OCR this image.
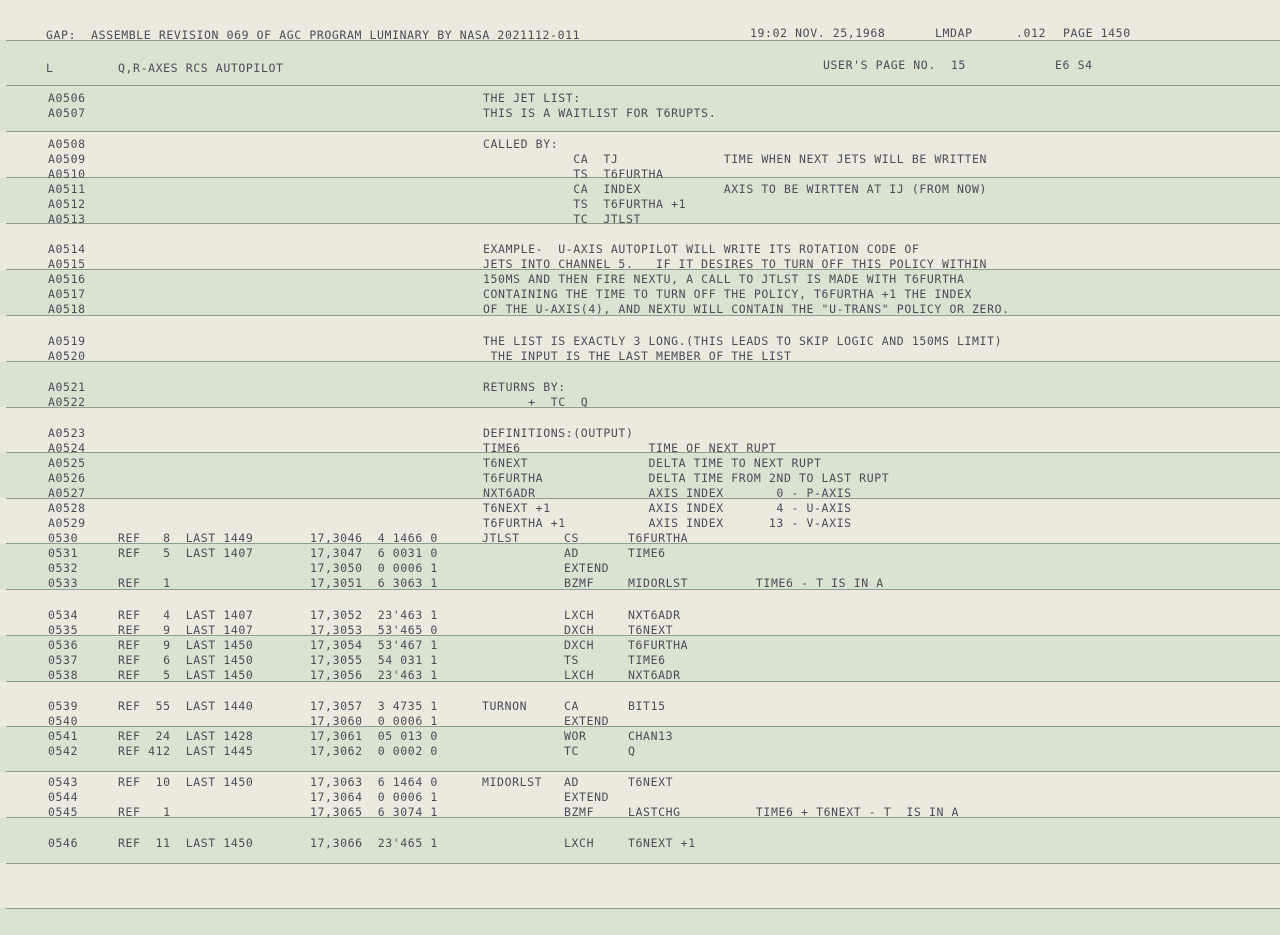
GAP:  ASSEMBLE REVISION 069 OF AGC PROGRAM LUMINARY BY NASA 2021112-011	19:02 NOV. 25,1968	LMDAP	.012 PAGE 1450
L	Q,R-AXES RCS AUTOPILOT	USER'S PAGE NO.  15	E6 S4
A0506	THE JET LIST:
A0507	THIS IS A WAITLIST FOR T6RUPTS.
A0508	CALLED BY:
A0509	CA  TJ              TIME WHEN NEXT JETS WILL BE WRITTEN
A0510	TS  T6FURTHA
A0511	CA  INDEX           AXIS TO BE WIRTTEN AT IJ (FROM NOW)
A0512	TS  T6FURTHA +1
A0513	TC  JTLST
A0514	EXAMPLE-  U-AXIS AUTOPILOT WILL WRITE ITS ROTATION CODE OF
A0515	JETS INTO CHANNEL 5.   IF IT DESIRES TO TURN OFF THIS POLICY WITHIN
A0516	150MS AND THEN FIRE NEXTU, A CALL TO JTLST IS MADE WITH T6FURTHA
A0517	CONTAINING THE TIME TO TURN OFF THE POLICY, T6FURTHA +1 THE INDEX
A0518	OF THE U-AXIS(4), AND NEXTU WILL CONTAIN THE "U-TRANS" POLICY OR ZERO.
A0519	THE LIST IS EXACTLY 3 LONG.(THIS LEADS TO SKIP LOGIC AND 150MS LIMIT)
A0520	THE INPUT IS THE LAST MEMBER OF THE LIST
A0521	RETURNS BY:
A0522	+  TC  Q
A0523	DEFINITIONS:(OUTPUT)
A0524	TIME6                 TIME OF NEXT RUPT
A0525	T6NEXT                DELTA TIME TO NEXT RUPT
A0526	T6FURTHA              DELTA TIME FROM 2ND TO LAST RUPT
A0527	NXT6ADR               AXIS INDEX       0 - P-AXIS
A0528	T6NEXT +1             AXIS INDEX       4 - U-AXIS
A0529	T6FURTHA +1           AXIS INDEX      13 - V-AXIS
0530	REF   8  LAST 1449	17,3046  4 1466 0	JTLST	CS	T6FURTHA
0531	REF   5  LAST 1407	17,3047  6 0031 0	AD	TIME6
0532	17,3050  0 0006 1	EXTEND
0533	REF   1	17,3051  6 3063 1	BZMF	MIDORLST         TIME6 - T IS IN A
0534	REF   4  LAST 1407	17,3052  23'463 1	LXCH	NXT6ADR
0535	REF   9  LAST 1407	17,3053  53'465 0	DXCH	T6NEXT
0536	REF   9  LAST 1450	17,3054  53'467 1	DXCH	T6FURTHA
0537	REF   6  LAST 1450	17,3055  54 031 1	TS	TIME6
0538	REF   5  LAST 1450	17,3056  23'463 1	LXCH	NXT6ADR
0539	REF  55  LAST 1440	17,3057  3 4735 1	TURNON	CA	BIT15
0540	17,3060  0 0006 1	EXTEND
0541	REF  24  LAST 1428	17,3061  05 013 0	WOR	CHAN13
0542	REF 412  LAST 1445	17,3062  0 0002 0	TC	Q
0543	REF  10  LAST 1450	17,3063  6 1464 0	MIDORLST AD	T6NEXT
0544	17,3064  0 0006 1	EXTEND
0545	REF   1	17,3065  6 3074 1	BZMF	LASTCHG          TIME6 + T6NEXT - T  IS IN A
0546	REF  11  LAST 1450	17,3066  23'465 1	LXCH	T6NEXT +1
